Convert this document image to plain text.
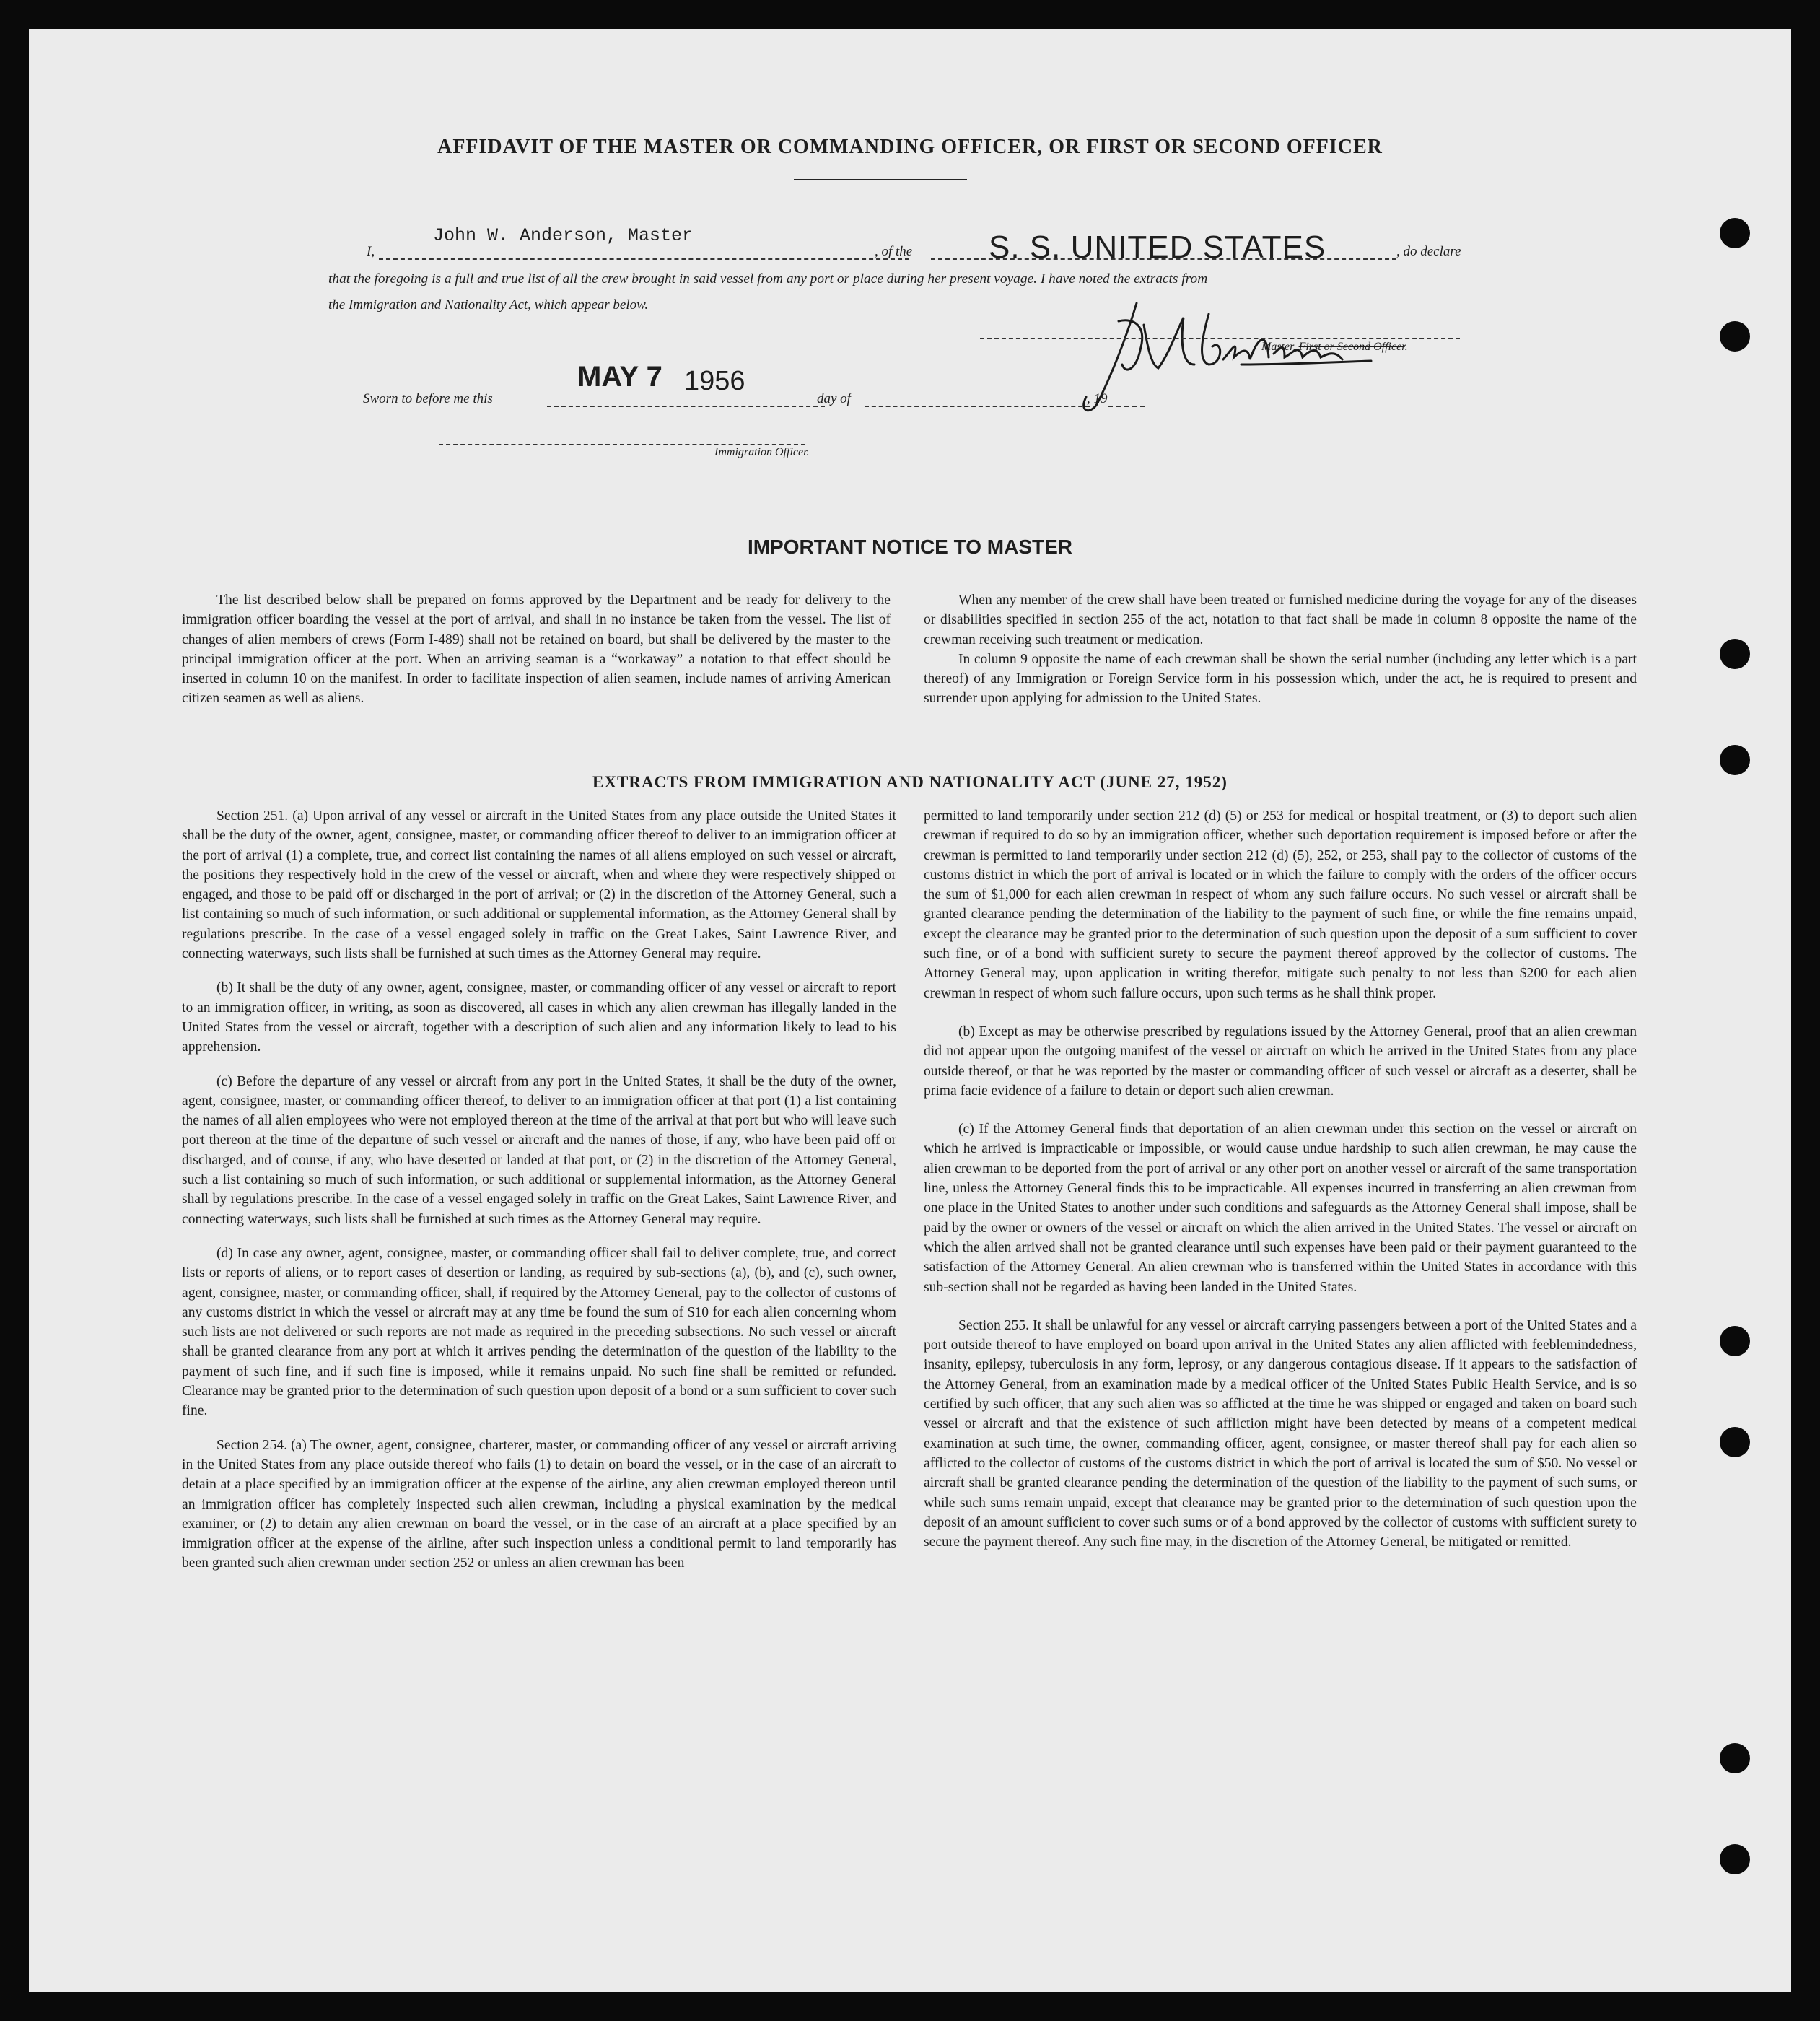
AFFIDAVIT OF THE MASTER OR COMMANDING OFFICER, OR FIRST OR SECOND OFFICER
I,
John W. Anderson, Master
, of the S. S. UNITED STATES	, do declare
that the foregoing is a full and true list of all the crew brought in said vessel from any port or place during her present voyage. I have noted the extracts from
the Immigration and Nationality Act, which appear below.
Master, First or Second Officer.
Sworn to before me this
MAY 7 1956
day of	, 19
Immigration Officer.
IMPORTANT NOTICE TO MASTER

The list described below shall be prepared on forms approved by the Department and be ready for delivery to the immigration officer boarding the vessel at the port of arrival, and shall in no instance be taken from the vessel. The list of changes of alien members of crews (Form I-489) shall not be retained on board, but shall be delivered by the master to the principal immigration officer at the port. When an arriving seaman is a “workaway” a notation to that effect should be inserted in column 10 on the manifest. In order to facilitate inspection of alien seamen, include names of arriving American citizen seamen as well as aliens.

When any member of the crew shall have been treated or furnished medicine during the voyage for any of the diseases or disabilities specified in section 255 of the act, notation to that fact shall be made in column 8 opposite the name of the crewman receiving such treatment or medication.

In column 9 opposite the name of each crewman shall be shown the serial number (including any letter which is a part thereof) of any Immigration or Foreign Service form in his possession which, under the act, he is required to present and surrender upon applying for admission to the United States.

EXTRACTS FROM IMMIGRATION AND NATIONALITY ACT (JUNE 27, 1952)

Section 251. (a) Upon arrival of any vessel or aircraft in the United States from any place outside the United States it shall be the duty of the owner, agent, consignee, master, or commanding officer thereof to deliver to an immigration officer at the port of arrival (1) a complete, true, and correct list containing the names of all aliens employed on such vessel or aircraft, the positions they respectively hold in the crew of the vessel or aircraft, when and where they were respectively shipped or engaged, and those to be paid off or discharged in the port of arrival; or (2) in the discretion of the Attorney General, such a list containing so much of such information, or such additional or supplemental information, as the Attorney General shall by regulations prescribe. In the case of a vessel engaged solely in traffic on the Great Lakes, Saint Lawrence River, and connecting waterways, such lists shall be furnished at such times as the Attorney General may require.

(b) It shall be the duty of any owner, agent, consignee, master, or commanding officer of any vessel or aircraft to report to an immigration officer, in writing, as soon as discovered, all cases in which any alien crewman has illegally landed in the United States from the vessel or aircraft, together with a description of such alien and any information likely to lead to his apprehension.

(c) Before the departure of any vessel or aircraft from any port in the United States, it shall be the duty of the owner, agent, consignee, master, or commanding officer thereof, to deliver to an immigration officer at that port (1) a list containing the names of all alien employees who were not employed thereon at the time of the arrival at that port but who will leave such port thereon at the time of the departure of such vessel or aircraft and the names of those, if any, who have been paid off or discharged, and of course, if any, who have deserted or landed at that port, or (2) in the discretion of the Attorney General, such a list containing so much of such information, or such additional or supplemental information, as the Attorney General shall by regulations prescribe. In the case of a vessel engaged solely in traffic on the Great Lakes, Saint Lawrence River, and connecting waterways, such lists shall be furnished at such times as the Attorney General may require.

(d) In case any owner, agent, consignee, master, or commanding officer shall fail to deliver complete, true, and correct lists or reports of aliens, or to report cases of desertion or landing, as required by sub-sections (a), (b), and (c), such owner, agent, consignee, master, or commanding officer, shall, if required by the Attorney General, pay to the collector of customs of any customs district in which the vessel or aircraft may at any time be found the sum of $10 for each alien concerning whom such lists are not delivered or such reports are not made as required in the preceding subsections. No such vessel or aircraft shall be granted clearance from any port at which it arrives pending the determination of the question of the liability to the payment of such fine, and if such fine is imposed, while it remains unpaid. No such fine shall be remitted or refunded. Clearance may be granted prior to the determination of such question upon deposit of a bond or a sum sufficient to cover such fine.

Section 254. (a) The owner, agent, consignee, charterer, master, or commanding officer of any vessel or aircraft arriving in the United States from any place outside thereof who fails (1) to detain on board the vessel, or in the case of an aircraft to detain at a place specified by an immigration officer at the expense of the airline, any alien crewman employed thereon until an immigration officer has completely inspected such alien crewman, including a physical examination by the medical examiner, or (2) to detain any alien crewman on board the vessel, or in the case of an aircraft at a place specified by an immigration officer at the expense of the airline, after such inspection unless a conditional permit to land temporarily has been granted such alien crewman under section 252 or unless an alien crewman has been

permitted to land temporarily under section 212 (d) (5) or 253 for medical or hospital treatment, or (3) to deport such alien crewman if required to do so by an immigration officer, whether such deportation requirement is imposed before or after the crewman is permitted to land temporarily under section 212 (d) (5), 252, or 253, shall pay to the collector of customs of the customs district in which the port of arrival is located or in which the failure to comply with the orders of the officer occurs the sum of $1,000 for each alien crewman in respect of whom any such failure occurs. No such vessel or aircraft shall be granted clearance pending the determination of the liability to the payment of such fine, or while the fine remains unpaid, except the clearance may be granted prior to the determination of such question upon the deposit of a sum sufficient to cover such fine, or of a bond with sufficient surety to secure the payment thereof approved by the collector of customs. The Attorney General may, upon application in writing therefor, mitigate such penalty to not less than $200 for each alien crewman in respect of whom such failure occurs, upon such terms as he shall think proper.

(b) Except as may be otherwise prescribed by regulations issued by the Attorney General, proof that an alien crewman did not appear upon the outgoing manifest of the vessel or aircraft on which he arrived in the United States from any place outside thereof, or that he was reported by the master or commanding officer of such vessel or aircraft as a deserter, shall be prima facie evidence of a failure to detain or deport such alien crewman.

(c) If the Attorney General finds that deportation of an alien crewman under this section on the vessel or aircraft on which he arrived is impracticable or impossible, or would cause undue hardship to such alien crewman, he may cause the alien crewman to be deported from the port of arrival or any other port on another vessel or aircraft of the same transportation line, unless the Attorney General finds this to be impracticable. All expenses incurred in transferring an alien crewman from one place in the United States to another under such conditions and safeguards as the Attorney General shall impose, shall be paid by the owner or owners of the vessel or aircraft on which the alien arrived in the United States. The vessel or aircraft on which the alien arrived shall not be granted clearance until such expenses have been paid or their payment guaranteed to the satisfaction of the Attorney General. An alien crewman who is transferred within the United States in accordance with this sub-section shall not be regarded as having been landed in the United States.

Section 255. It shall be unlawful for any vessel or aircraft carrying passengers between a port of the United States and a port outside thereof to have employed on board upon arrival in the United States any alien afflicted with feeblemindedness, insanity, epilepsy, tuberculosis in any form, leprosy, or any dangerous contagious disease. If it appears to the satisfaction of the Attorney General, from an examination made by a medical officer of the United States Public Health Service, and is so certified by such officer, that any such alien was so afflicted at the time he was shipped or engaged and taken on board such vessel or aircraft and that the existence of such affliction might have been detected by means of a competent medical examination at such time, the owner, commanding officer, agent, consignee, or master thereof shall pay for each alien so afflicted to the collector of customs of the customs district in which the port of arrival is located the sum of $50. No vessel or aircraft shall be granted clearance pending the determination of the question of the liability to the payment of such sums, or while such sums remain unpaid, except that clearance may be granted prior to the determination of such question upon the deposit of an amount sufficient to cover such sums or of a bond approved by the collector of customs with sufficient surety to secure the payment thereof. Any such fine may, in the discretion of the Attorney General, be mitigated or remitted.
